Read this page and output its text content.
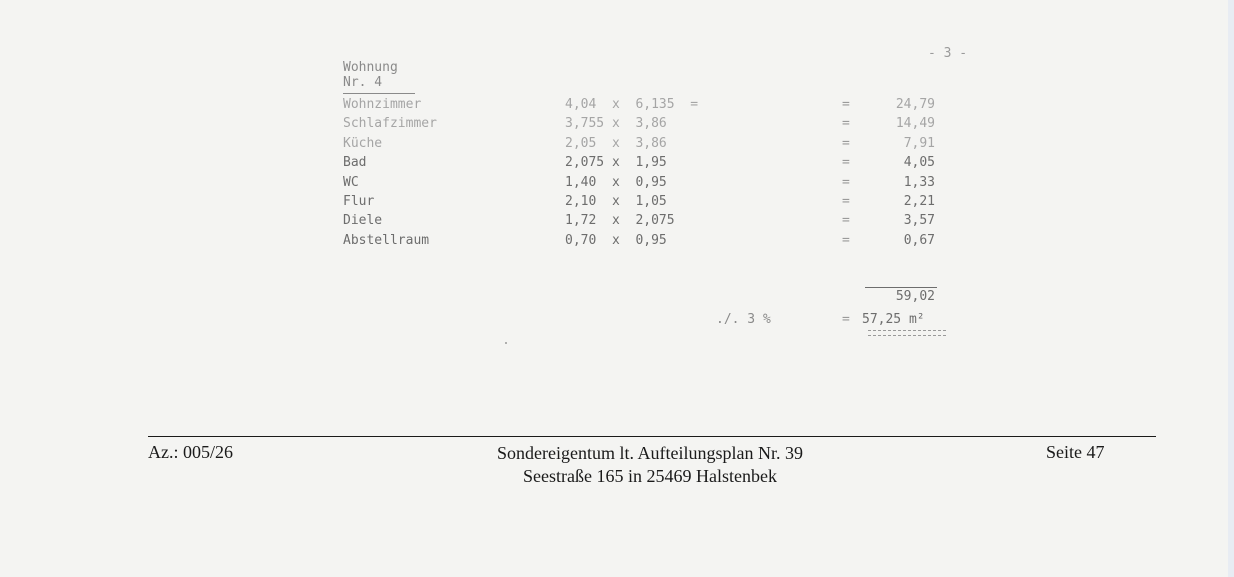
- 3 -
Wohnung
Nr. 4
Wohnzimmer	4,04  x  6,135  =	=	24,79
Schlafzimmer	3,755 x  3,86	=	14,49
Küche	2,05  x  3,86	=	7,91
Bad	2,075 x  1,95	=	4,05
WC	1,40  x  0,95	=	1,33
Flur	2,10  x  1,05	=	2,21
Diele	1,72  x  2,075	=	3,57
Abstellraum	0,70  x  0,95	=	0,67
59,02
./. 3 %	= 57,25 m²
Az.: 005/26	Sondereigentum lt. Aufteilungsplan Nr. 39
Seestraße 165 in 25469 Halstenbek
Seite 47
